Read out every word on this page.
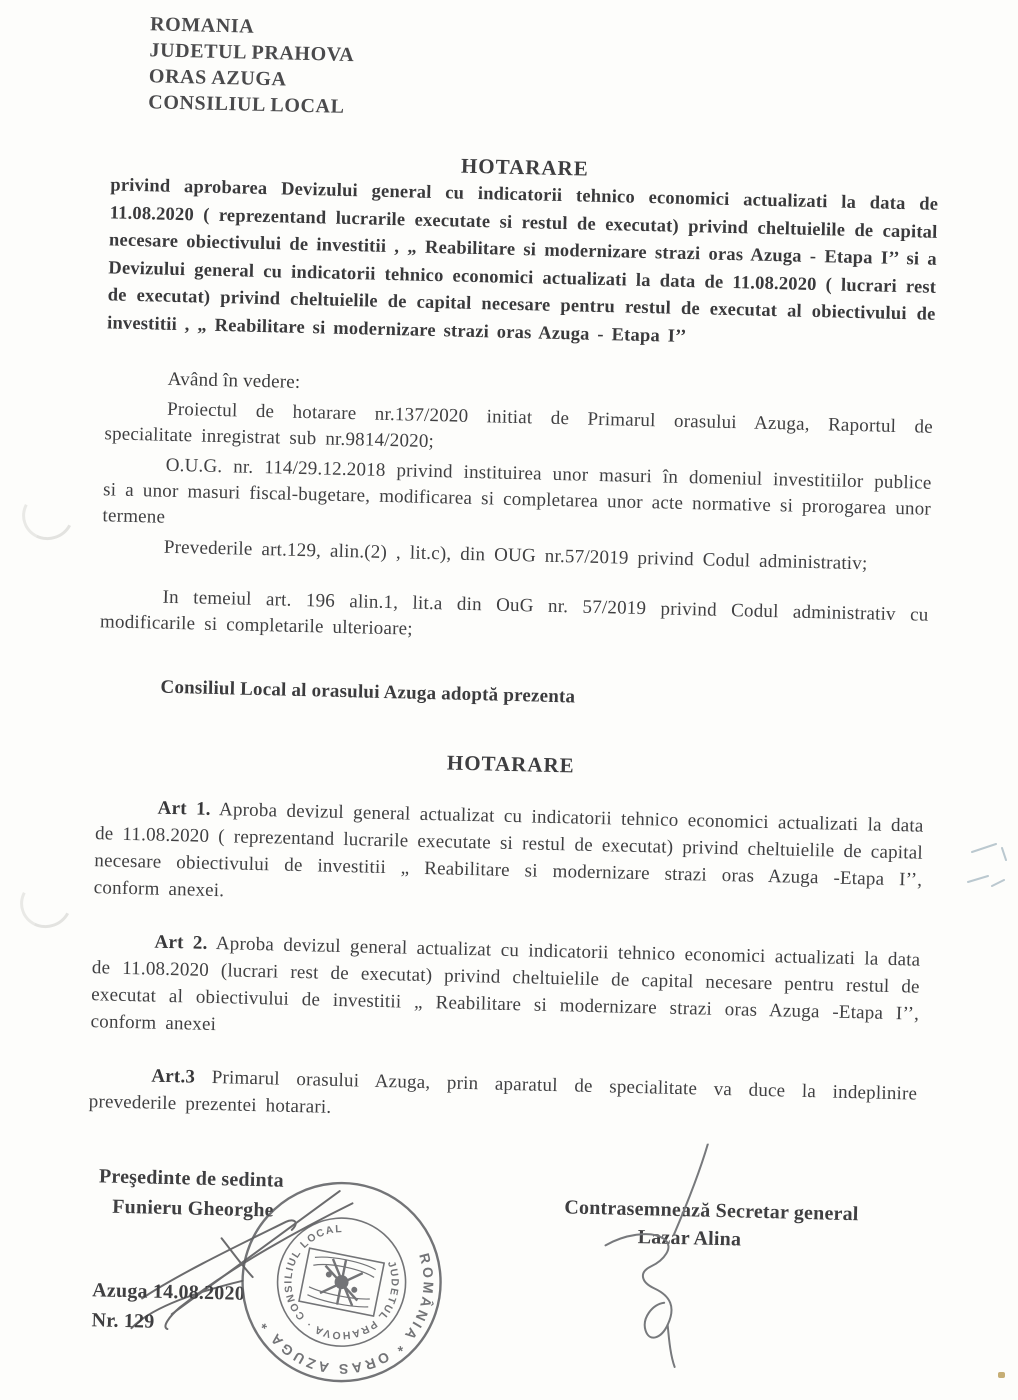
ROMANIA
JUDETUL PRAHOVA
ORAS AZUGA
CONSILIUL LOCAL
HOTARARE
privind aprobarea Devizului general cu indicatorii tehnico economici actualizati la data de 11.08.2020 ( reprezentand lucrarile executate si restul de executat) privind cheltuielile de capital necesare obiectivului de investitii , „ Reabilitare si modernizare strazi oras Azuga - Etapa I’’ si a Devizului general cu indicatorii tehnico economici actualizati la data de 11.08.2020 ( lucrari rest de executat) privind cheltuielile de capital necesare pentru restul de executat al obiectivului de investitii , „ Reabilitare si modernizare strazi oras Azuga - Etapa I’’
Având în vedere:
Proiectul de hotarare nr.137/2020 initiat de Primarul orasului Azuga, Raportul de specialitate inregistrat sub nr.9814/2020;
O.U.G. nr. 114/29.12.2018 privind instituirea unor masuri în domeniul investitiilor publice si a unor masuri fiscal-bugetare, modificarea si completarea unor acte normative si prorogarea unor termene
Prevederile art.129, alin.(2) , lit.c), din OUG nr.57/2019 privind Codul administrativ;
In temeiul art. 196 alin.1, lit.a din OuG nr. 57/2019 privind Codul administrativ cu modificarile si completarile ulterioare;
Consiliul Local al orasului Azuga adoptă prezenta
HOTARARE
Art 1. Aproba devizul general actualizat cu indicatorii tehnico economici actualizati la data de 11.08.2020 ( reprezentand lucrarile executate si restul de executat) privind cheltuielile de capital necesare obiectivului de investitii „ Reabilitare si modernizare strazi oras Azuga -Etapa I’’, conform anexei.
Art 2. Aproba devizul general actualizat cu indicatorii tehnico economici actualizati la data de 11.08.2020 (lucrari rest de executat) privind cheltuielile de capital necesare pentru restul de executat al obiectivului de investitii „ Reabilitare si modernizare strazi oras Azuga -Etapa I’’, conform anexei
Art.3 Primarul orasului Azuga, prin aparatul de specialitate va duce la indeplinire prevederile prezentei hotarari.
Preşedinte de sedinta
Funieru Gheorghe
Azuga 14.08.2020
Nr. 129
ROMÂNIA * ORAS AZUGA *
JUDETUL PRAHOVA · CONSILIUL LOCAL
Contrasemnează Secretar general
Lazar Alina
